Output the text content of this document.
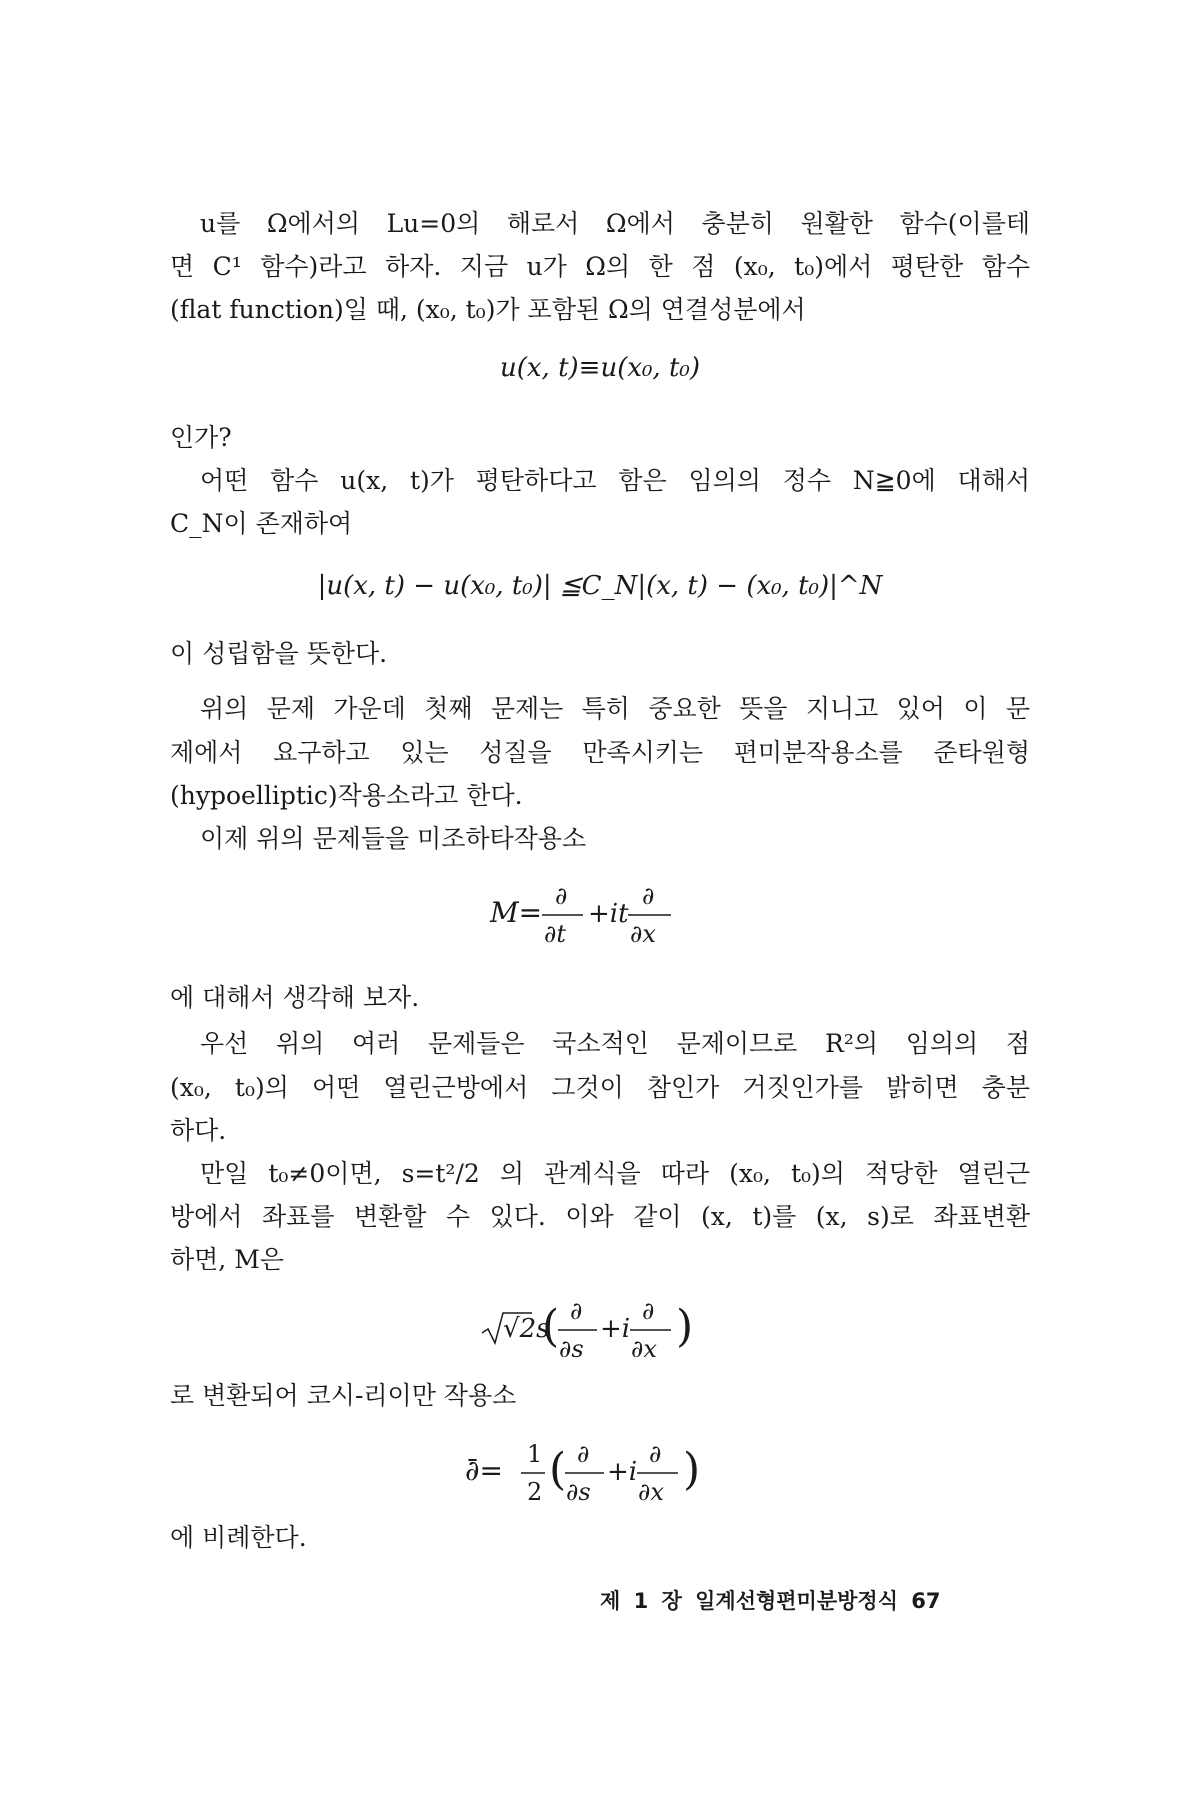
u를 Ω에서의 Lu=0의 해로서 Ω에서 충분히 원활한 함수(이를테

면 C¹ 함수)라고 하자. 지금 u가 Ω의 한 점 (x₀, t₀)에서 평탄한 함수

(flat function)일 때, (x₀, t₀)가 포함된 Ω의 연결성분에서

u(x, t)≡u(x₀, t₀)

인가?

어떤 함수 u(x, t)가 평탄하다고 함은 임의의 정수 N≧0에 대해서

C_N이 존재하여

|u(x, t) − u(x₀, t₀)| ≦C_N|(x, t) − (x₀, t₀)|^N

이 성립함을 뜻한다.

위의 문제 가운데 첫째 문제는 특히 중요한 뜻을 지니고 있어 이 문

제에서 요구하고 있는 성질을 만족시키는 편미분작용소를 준타원형

(hypoelliptic)작용소라고 한다.

이제 위의 문제들을 미조하타작용소

M= ∂
∂t
+it
∂
∂x

에 대해서 생각해 보자.

우선 위의 여러 문제들은 국소적인 문제이므로 R²의 임의의 점

(x₀, t₀)의 어떤 열린근방에서 그것이 참인가 거짓인가를 밝히면 충분

하다.

만일 t₀≠0이면, s=t²/2 의 관계식을 따라 (x₀, t₀)의 적당한 열린근

방에서 좌표를 변환할 수 있다. 이와 같이 (x, t)를 (x, s)로 좌표변환

하면, M은

√2s
( ∂
∂s
+i
∂
∂x )

로 변환되어 코시-리이만 작용소

∂̄= 1
2 ( ∂
∂s
+i
∂
∂x )

에 비례한다.

제 1 장 일계선형편미분방정식 67
